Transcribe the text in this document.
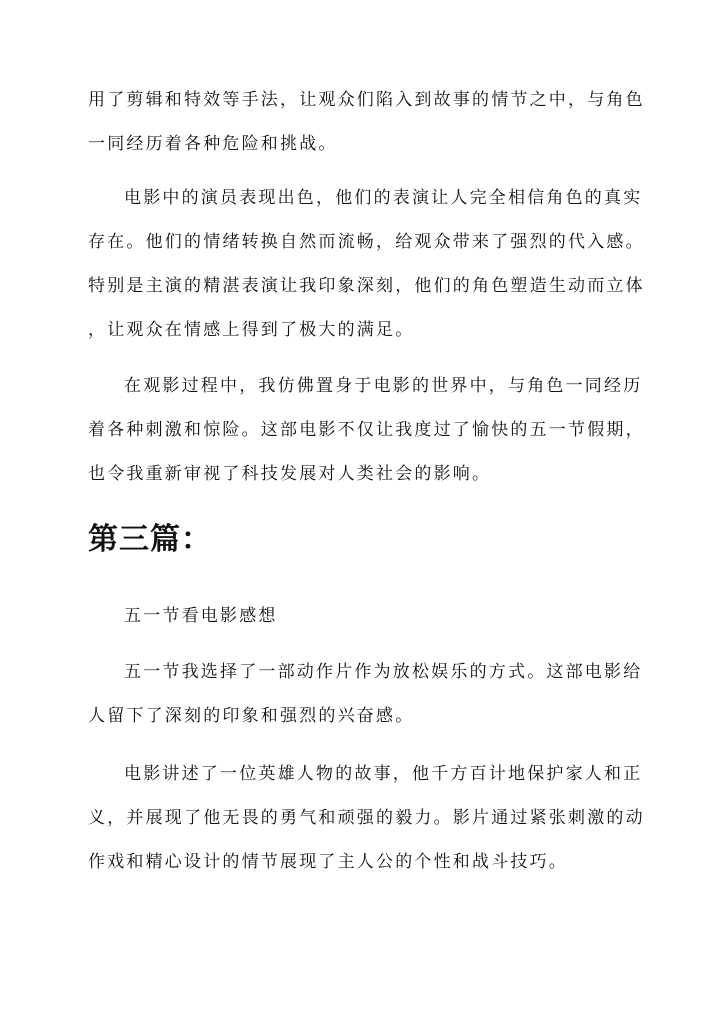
用了剪辑和特效等手法，让观众们陷入到故事的情节之中，与角色
一同经历着各种危险和挑战。
电影中的演员表现出色，他们的表演让人完全相信角色的真实
存在。他们的情绪转换自然而流畅，给观众带来了强烈的代入感。
特别是主演的精湛表演让我印象深刻，他们的角色塑造生动而立体
，让观众在情感上得到了极大的满足。
在观影过程中，我仿佛置身于电影的世界中，与角色一同经历
着各种刺激和惊险。这部电影不仅让我度过了愉快的五一节假期，
也令我重新审视了科技发展对人类社会的影响。
第三篇：
五一节看电影感想
五一节我选择了一部动作片作为放松娱乐的方式。这部电影给
人留下了深刻的印象和强烈的兴奋感。
电影讲述了一位英雄人物的故事，他千方百计地保护家人和正
义，并展现了他无畏的勇气和顽强的毅力。影片通过紧张刺激的动
作戏和精心设计的情节展现了主人公的个性和战斗技巧。
